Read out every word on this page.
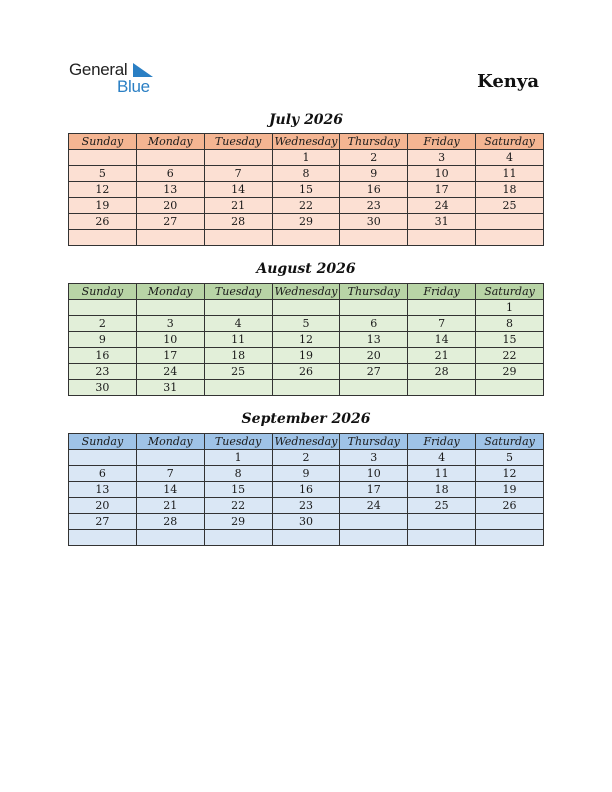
General
Blue	Kenya
July 2026
Sunday	Monday	Tuesday	Wednesday	Thursday	Friday	Saturday
			1	2	3	4
5	6	7	8	9	10	11
12	13	14	15	16	17	18
19	20	21	22	23	24	25
26	27	28	29	30	31	

August 2026
Sunday	Monday	Tuesday	Wednesday	Thursday	Friday	Saturday
						1
2	3	4	5	6	7	8
9	10	11	12	13	14	15
16	17	18	19	20	21	22
23	24	25	26	27	28	29
30	31					
September 2026
Sunday	Monday	Tuesday	Wednesday	Thursday	Friday	Saturday
		1	2	3	4	5
6	7	8	9	10	11	12
13	14	15	16	17	18	19
20	21	22	23	24	25	26
27	28	29	30			
